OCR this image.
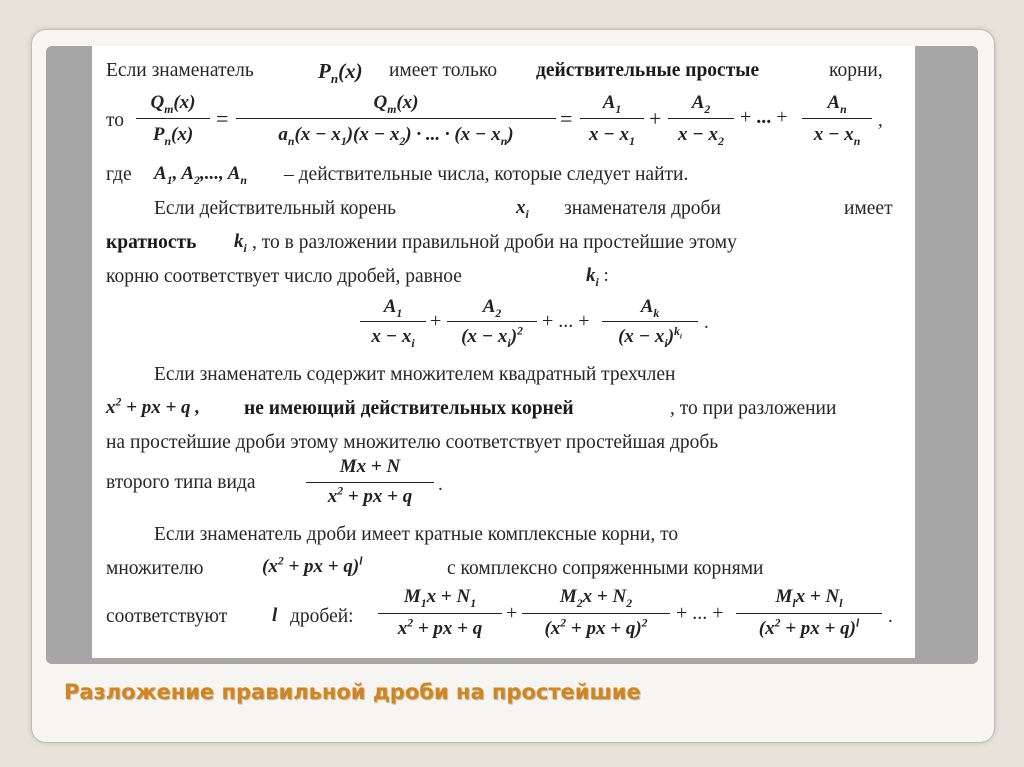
Если знаменатель	$P_n(x)$ имеет только действительные простые	корни,
то
$Q_m(x)$
$P_n(x)$
=
$Q_m(x)$
$a_n(x - x_1)(x - x_2)$ · ... · $(x - x_n)$
=
$A_1$
$x - x_1$
+
$A_2$
$x - x_2$
+ ... +
$A_n$
$x - x_n$
,
где $A_1$, $A_2$,..., $A_n$ – действительные числа, которые следует найти.
Если действительный корень	$x_i$ знаменателя дроби	имеет
кратность $k_i$ , то в разложении правильной дроби на простейшие этому
корню соответствует число дробей, равное	$k_i$ :
$A_1$
$x - x_i$
+
$A_2$
$(x - x_i)^2$ + ... +
$A_k$
$(x - x_i)^{k_i}$
.
Если знаменатель содержит множителем квадратный трехчлен
$x^2$ + px + q , не имеющий действительных корней	, то при разложении
на простейшие дроби этому множителю соответствует простейшая дробь
второго типа вида
Mx + N
$x^2$ + px + q
.
Если знаменатель дроби имеет кратные комплексные корни, то
множителю	($x^2$ + px + q)$^l$	с комплексно сопряженными корнями
соответствуют l дробей:
$M_1x + N_1$
$x^2$ + px + q
+
$M_2x + N_2$
($x^2$ + px + q)$^2$	+ ... +
$M_lx + N_l$
($x^2$ + px + q)$^l$	.
Разложение правильной дроби на простейшие
